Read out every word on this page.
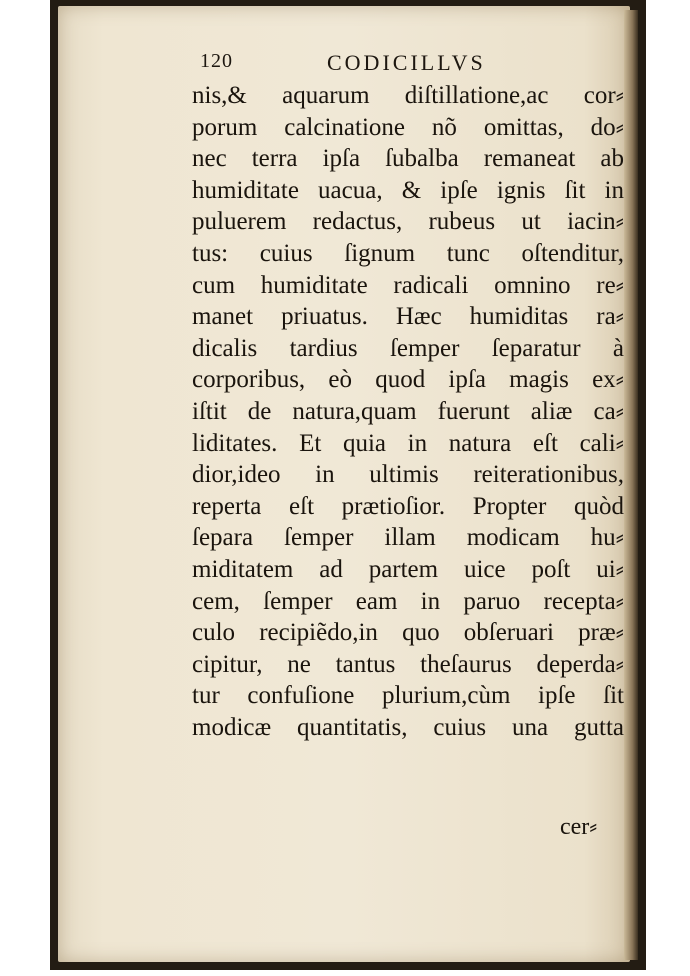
120	CODICILLVS
nis,& aquarum diſtillatione,ac cor⸗
porum calcinatione nõ omittas, do⸗
nec terra ipſa ſubalba remaneat ab
humiditate uacua, & ipſe ignis ſit in
puluerem redactus, rubeus ut iacin⸗
tus: cuius ſignum tunc oſtenditur,
cum humiditate radicali omnino re⸗
manet priuatus. Hæc humiditas ra⸗
dicalis tardius ſemper ſeparatur à
corporibus, eò quod ipſa magis ex⸗
iſtit de natura,quam fuerunt aliæ ca⸗
liditates. Et quia in natura eſt cali⸗
dior,ideo in ultimis reiterationibus,
reperta eſt prætioſior. Propter quòd
ſepara ſemper illam modicam hu⸗
miditatem ad partem uice poſt ui⸗
cem, ſemper eam in paruo recepta⸗
culo recipiẽdo,in quo obſeruari præ⸗
cipitur, ne tantus theſaurus deperda⸗
tur confuſione plurium,cùm ipſe ſit
modicæ quantitatis, cuius una gutta
cer⸗
